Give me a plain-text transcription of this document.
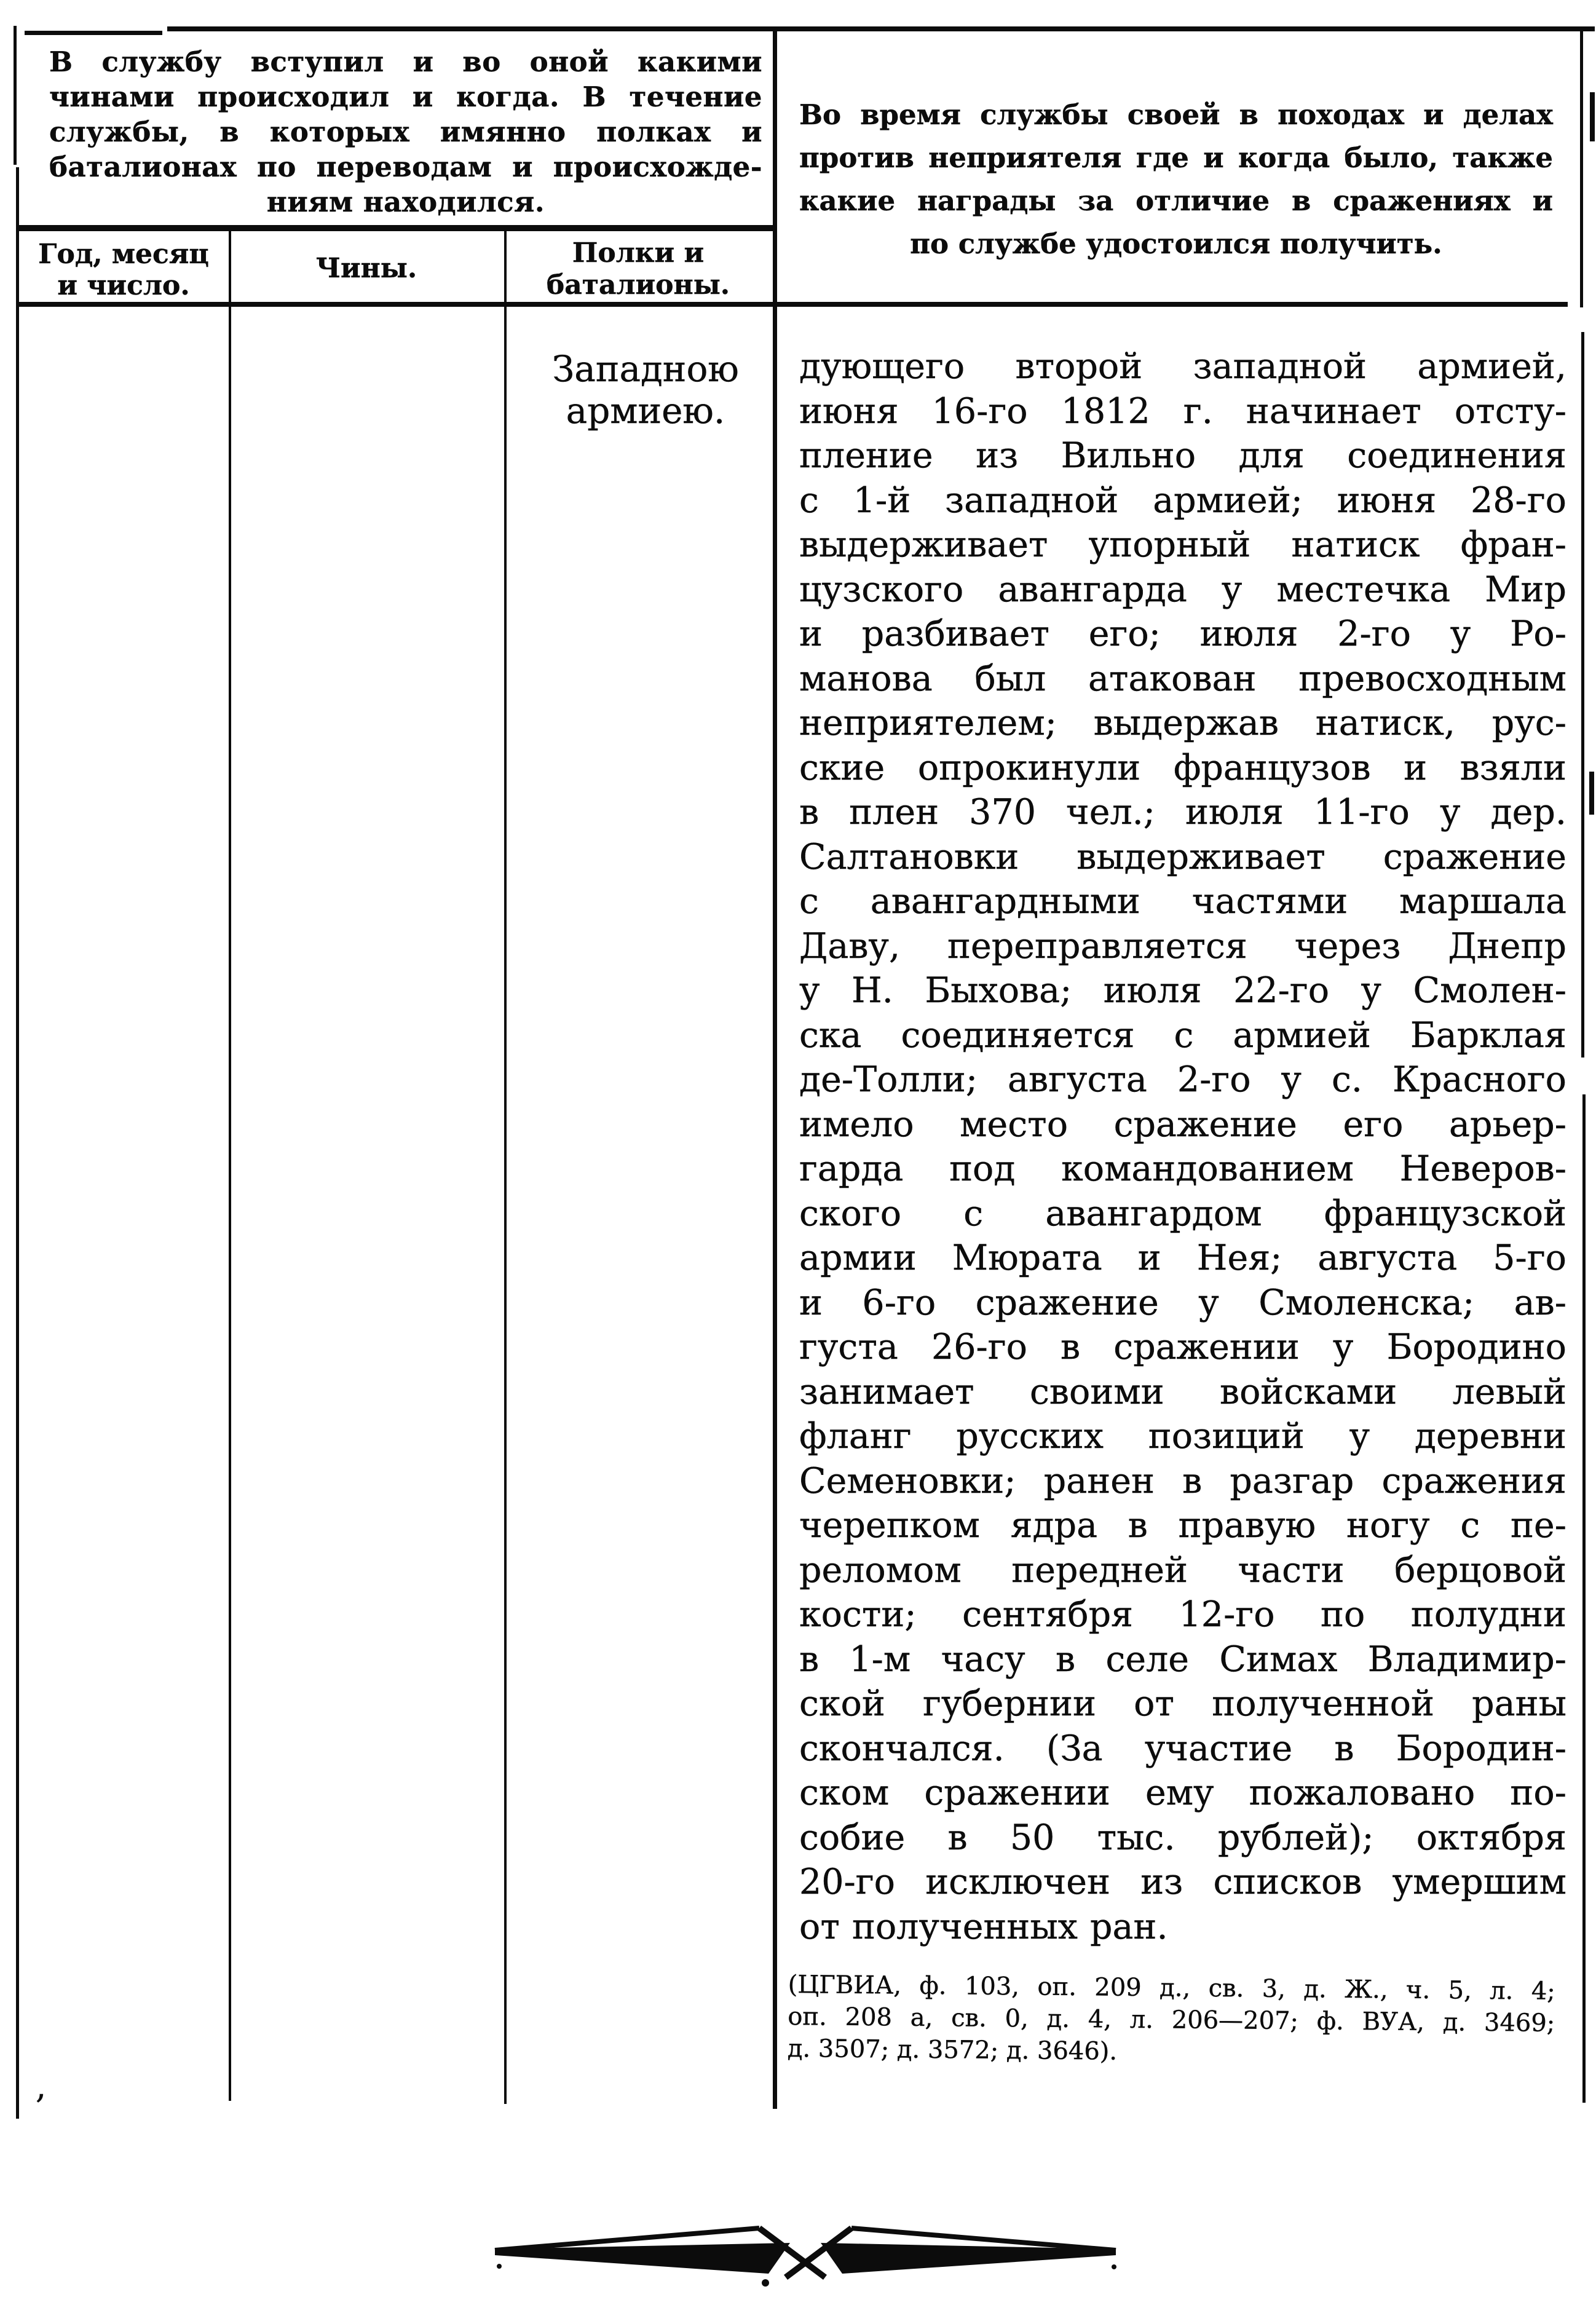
В службу вступил и во оной какими
чинами происходил и когда. В течение
службы, в которых имянно полках и
баталионах по переводам и происхожде-
ниям находился.
Во время службы своей в походах и делах
против неприятеля где и когда было, также
какие награды за отличие в сражениях и
по службе удостоился получить.
Год, месяц
и число.
Чины.	Полки и
баталионы.
Западною
армиею.
дующего второй западной армией,
июня 16-го 1812 г. начинает отсту-
пление из Вильно для соединения
с 1-й западной армией; июня 28-го
выдерживает упорный натиск фран-
цузского авангарда у местечка Мир
и разбивает его; июля 2-го у Ро-
манова был атакован превосходным
неприятелем; выдержав натиск, рус-
ские опрокинули французов и взяли
в плен 370 чел.; июля 11-го у дер.
Салтановки выдерживает сражение
с авангардными частями маршала
Даву, переправляется через Днепр
у Н. Быхова; июля 22-го у Смолен-
ска соединяется с армией Барклая
де-Толли; августа 2-го у с. Красного
имело место сражение его арьер-
гарда под командованием Неверов-
ского с авангардом французской
армии Мюрата и Нея; августа 5-го
и 6-го сражение у Смоленска; ав-
густа 26-го в сражении у Бородино
занимает своими войсками левый
фланг русских позиций у деревни
Семеновки; ранен в разгар сражения
черепком ядра в правую ногу с пе-
реломом передней части берцовой
кости; сентября 12-го по полудни
в 1-м часу в селе Симах Владимир-
ской губернии от полученной раны
скончался. (За участие в Бородин-
ском сражении ему пожаловано по-
собие в 50 тыс. рублей); октября
20-го исключен из списков умершим
от полученных ран.
(ЦГВИА, ф. 103, оп. 209 д., св. 3, д. Ж., ч. 5, л. 4;
оп. 208 а, св. 0, д. 4, л. 206—207; ф. ВУА, д. 3469;
д. 3507; д. 3572; д. 3646).
,
